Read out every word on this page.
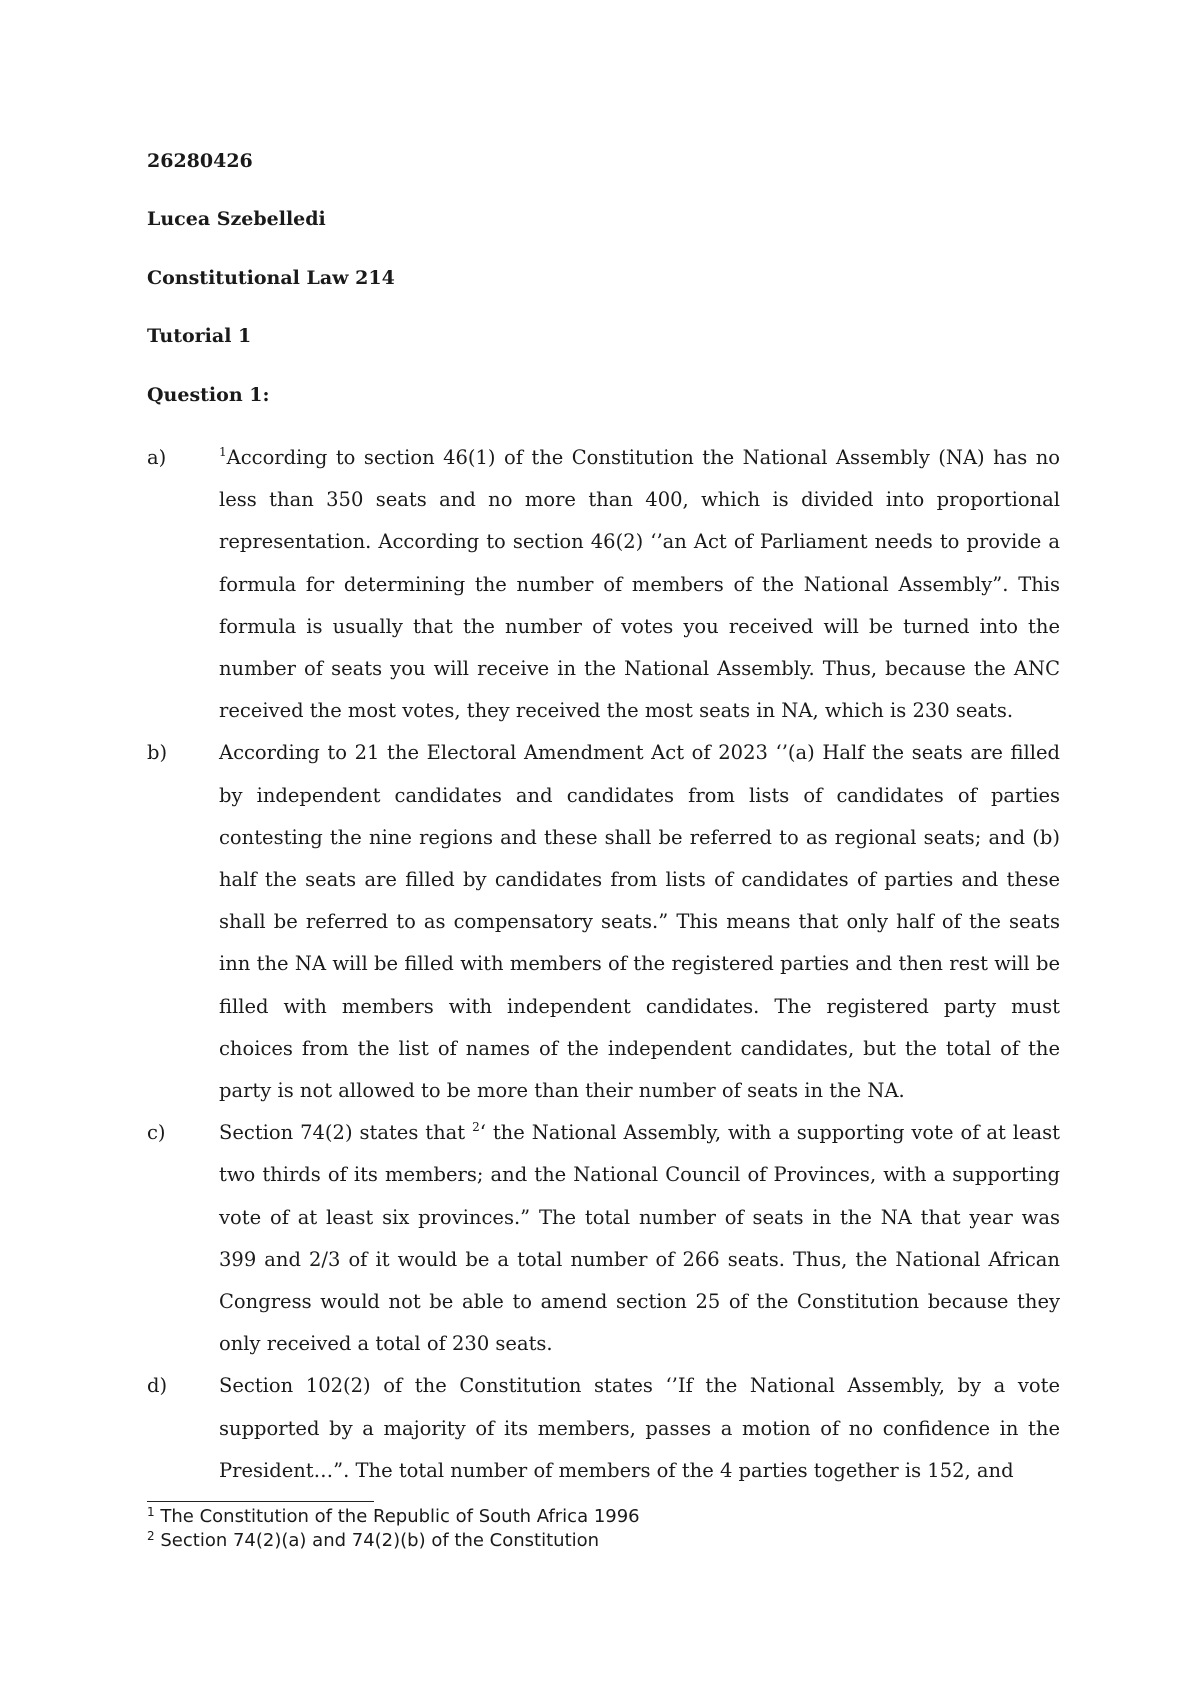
26280426

Lucea Szebelledi

Constitutional Law 214

Tutorial 1

Question 1:

a)	$^1$According to section 46(1) of the Constitution the National Assembly (NA) has no less than 350 seats and no more than 400, which is divided into proportional representation. According to section 46(2) ‘’an Act of Parliament needs to provide a formula for determining the number of members of the National Assembly”. This formula is usually that the number of votes you received will be turned into the number of seats you will receive in the National Assembly. Thus, because the ANC received the most votes, they received the most seats in NA, which is 230 seats.
b)	According to 21 the Electoral Amendment Act of 2023 ‘’(a) Half the seats are filled by independent candidates and candidates from lists of candidates of parties contesting the nine regions and these shall be referred to as regional seats; and (b) half the seats are filled by candidates from lists of candidates of parties and these shall be referred to as compensatory seats.” This means that only half of the seats inn the NA will be filled with members of the registered parties and then rest will be filled with members with independent candidates. The registered party must choices from the list of names of the independent candidates, but the total of the party is not allowed to be more than their number of seats in the NA.
c)	Section 74(2) states that $^2$‘ the National Assembly, with a supporting vote of at least two thirds of its members; and the National Council of Provinces, with a supporting vote of at least six provinces.” The total number of seats in the NA that year was 399 and 2/3 of it would be a total number of 266 seats. Thus, the National African Congress would not be able to amend section 25 of the Constitution because they only received a total of 230 seats.
d)	Section 102(2) of the Constitution states ‘’If the National Assembly, by a vote supported by a majority of its members, passes a motion of no confidence in the President…”. The total number of members of the 4 parties together is 152, and

$^1$ The Constitution of the Republic of South Africa 1996

$^2$ Section 74(2)(a) and 74(2)(b) of the Constitution
